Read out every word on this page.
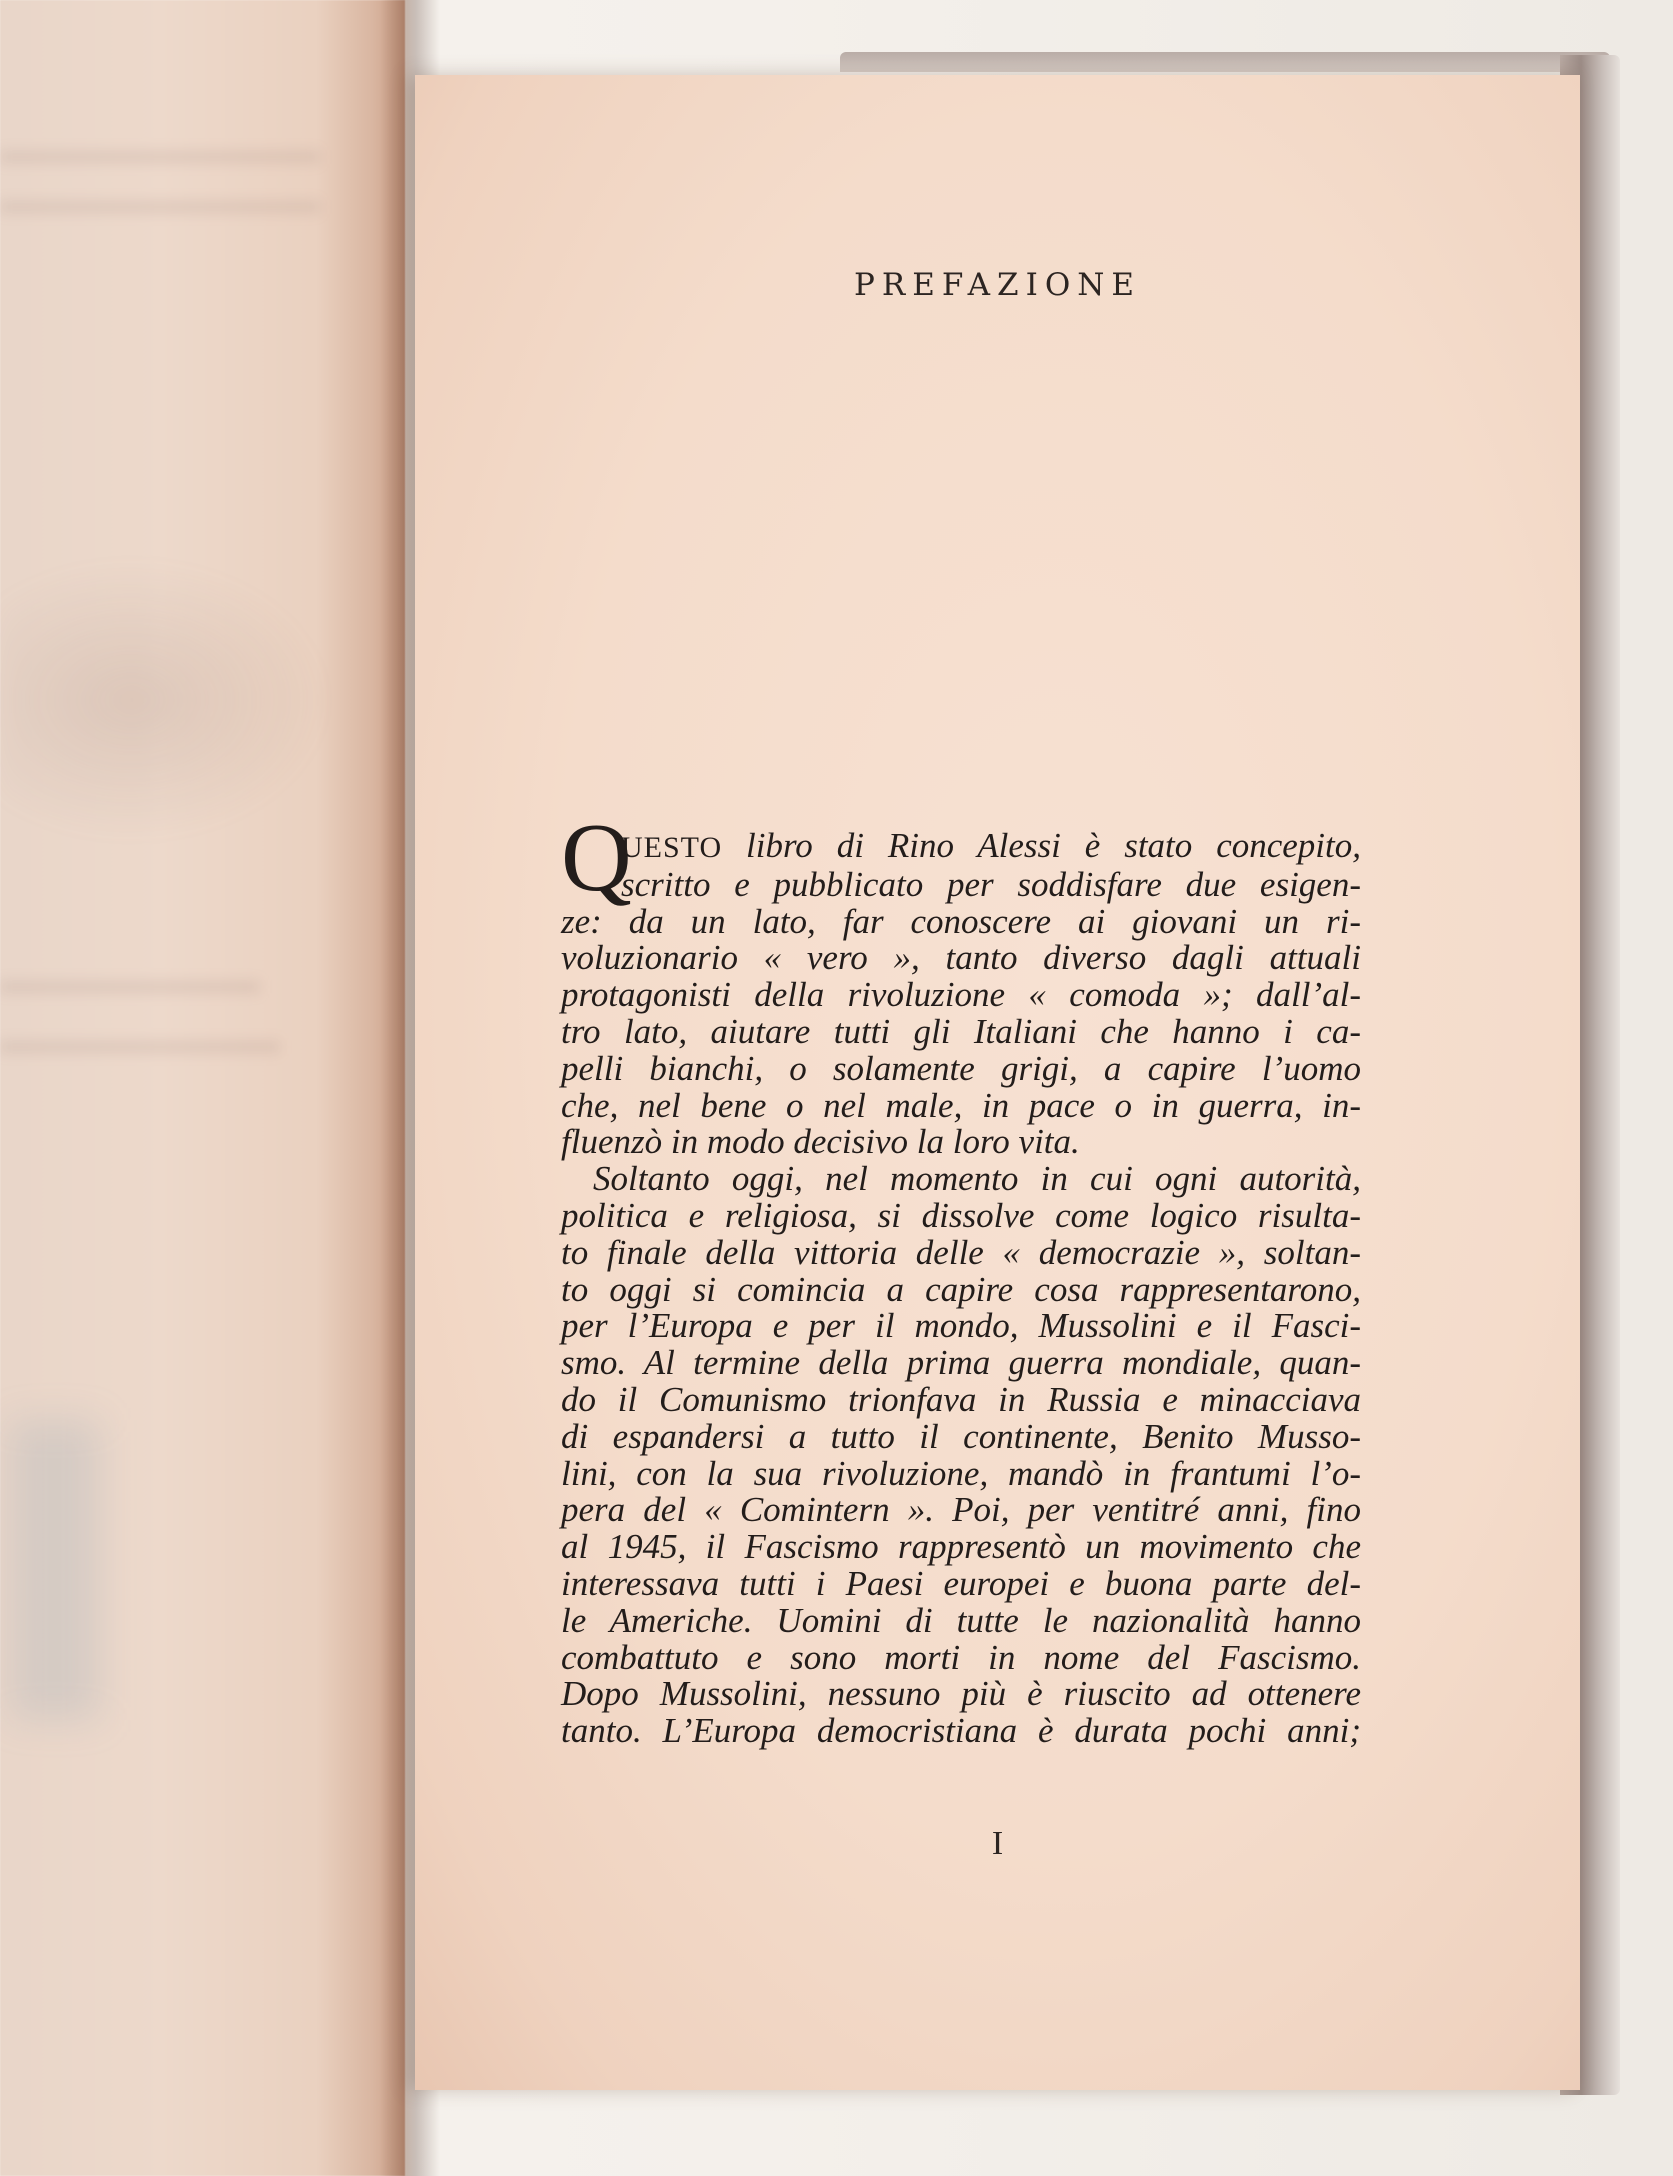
PREFAZIONE
I
Q
UESTO libro di Rino Alessi è stato concepito,
scritto e pubblicato per soddisfare due esigen-
ze: da un lato, far conoscere ai giovani un ri-
voluzionario « vero », tanto diverso dagli attuali
protagonisti della rivoluzione « comoda »; dall’al-
tro lato, aiutare tutti gli Italiani che hanno i ca-
pelli bianchi, o solamente grigi, a capire l’uomo
che, nel bene o nel male, in pace o in guerra, in-
fluenzò in modo decisivo la loro vita.
Soltanto oggi, nel momento in cui ogni autorità,
politica e religiosa, si dissolve come logico risulta-
to finale della vittoria delle « democrazie », soltan-
to oggi si comincia a capire cosa rappresentarono,
per l’Europa e per il mondo, Mussolini e il Fasci-
smo. Al termine della prima guerra mondiale, quan-
do il Comunismo trionfava in Russia e minacciava
di espandersi a tutto il continente, Benito Musso-
lini, con la sua rivoluzione, mandò in frantumi l’o-
pera del « Comintern ». Poi, per ventitré anni, fino
al 1945, il Fascismo rappresentò un movimento che
interessava tutti i Paesi europei e buona parte del-
le Americhe. Uomini di tutte le nazionalità hanno
combattuto e sono morti in nome del Fascismo.
Dopo Mussolini, nessuno più è riuscito ad ottenere
tanto. L’Europa democristiana è durata pochi anni;
